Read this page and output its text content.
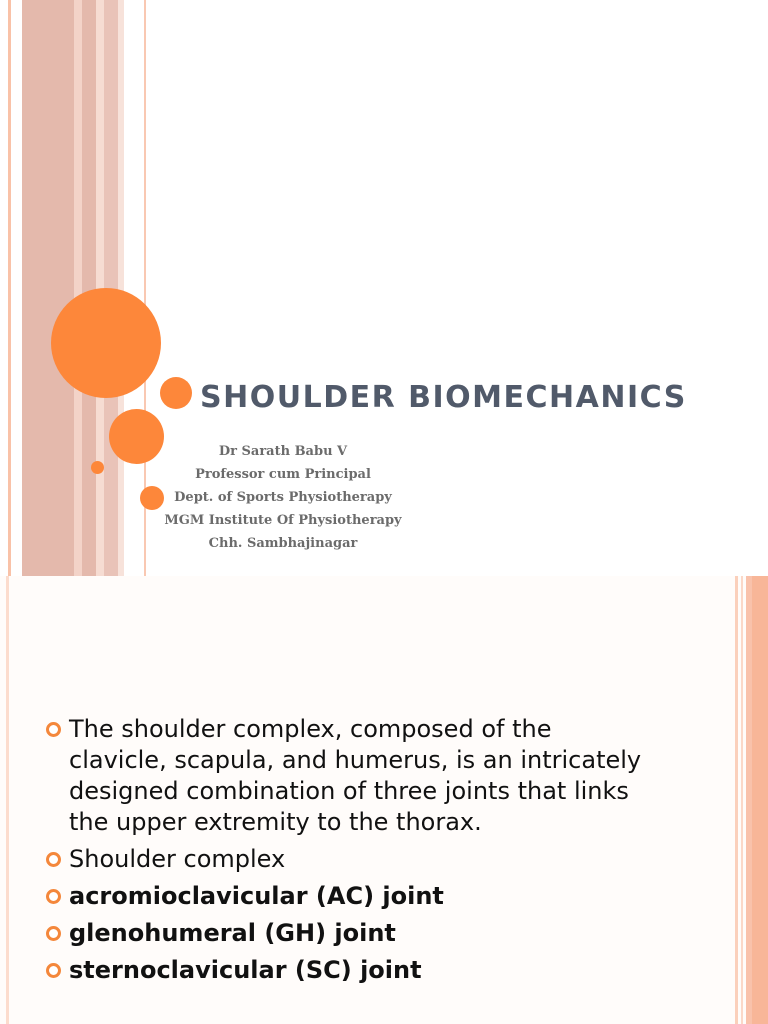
SHOULDER BIOMECHANICS
Dr Sarath Babu V
Professor cum Principal
Dept. of Sports Physiotherapy
MGM Institute Of Physiotherapy
Chh. Sambhajinagar
The shoulder complex, composed of the clavicle, scapula, and humerus, is an intricately designed combination of three joints that links the upper extremity to the thorax.
Shoulder complex
acromioclavicular (AC) joint
glenohumeral (GH) joint
sternoclavicular (SC) joint
